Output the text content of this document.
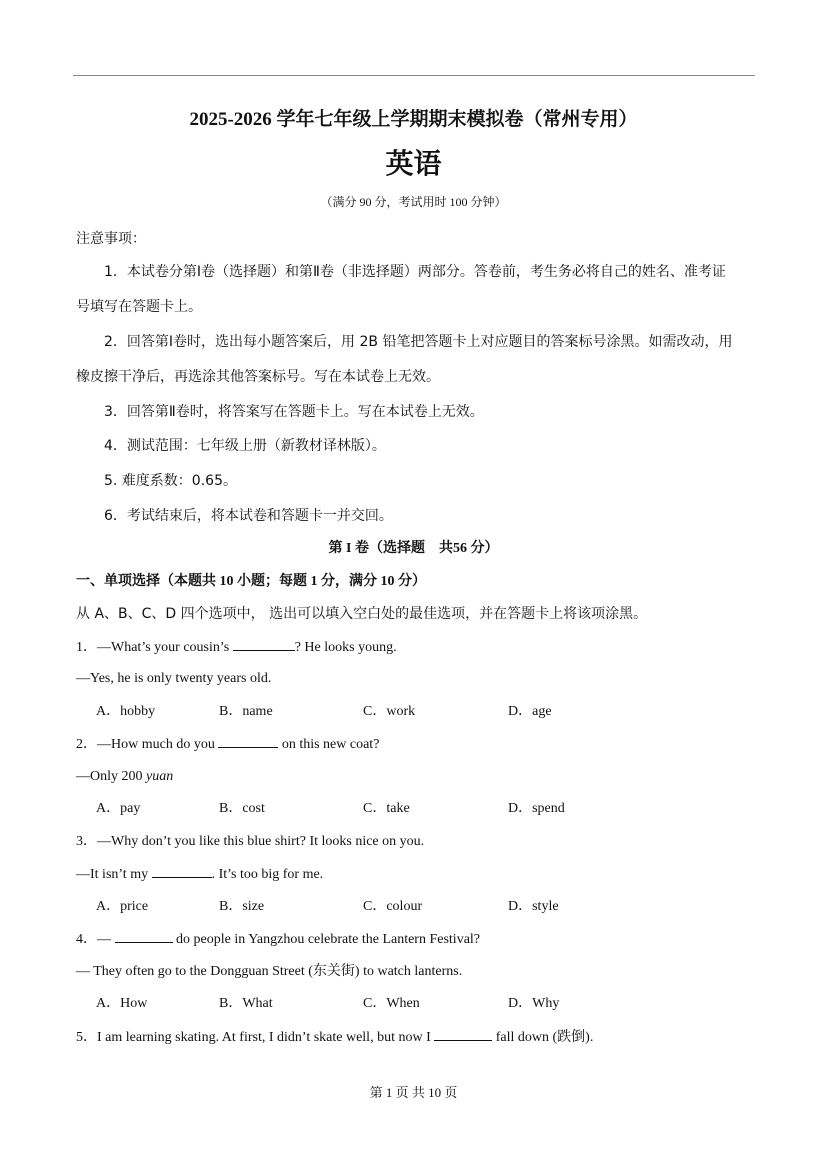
2025-2026 学年七年级上学期期末模拟卷（常州专用）
英语
（满分 90 分，考试用时 100 分钟）
注意事项：
1．本试卷分第Ⅰ卷（选择题）和第Ⅱ卷（非选择题）两部分。答卷前，考生务必将自己的姓名、准考证
号填写在答题卡上。
2．回答第Ⅰ卷时，选出每小题答案后，用 2B 铅笔把答题卡上对应题目的答案标号涂黑。如需改动，用
橡皮擦干净后，再选涂其他答案标号。写在本试卷上无效。
3．回答第Ⅱ卷时，将答案写在答题卡上。写在本试卷上无效。
4．测试范围：七年级上册（新教材译林版）。
5. 难度系数：0.65。
6．考试结束后，将本试卷和答题卡一并交回。
第 I 卷（选择题　共56 分）
一、单项选择（本题共 10 小题；每题 1 分，满分 10 分）
从 A、B、C、D 四个选项中， 选出可以填入空白处的最佳选项，并在答题卡上将该项涂黑。
1．—What’s your cousin’s	? He looks young.
—Yes, he is only twenty years old.
A．hobby	B．name	C．work	D．age
2．—How much do you	on this new coat?
—Only 200 yuan
A．pay	B．cost	C．take	D．spend
3．—Why don’t you like this blue shirt? It looks nice on you.
—It isn’t my	. It’s too big for me.
A．price	B．size	C．colour	D．style
4．—	do people in Yangzhou celebrate the Lantern Festival?
— They often go to the Dongguan Street (东关街) to watch lanterns.
A．How	B．What	C．When	D．Why
5．I am learning skating. At first, I didn’t skate well, but now I	fall down (跌倒).
第 1 页 共 10 页
